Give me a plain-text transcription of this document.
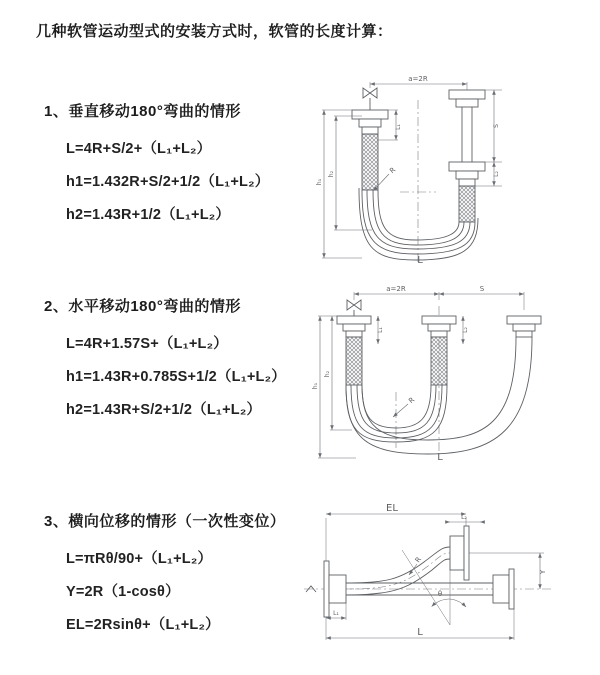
几种软管运动型式的安装方式时，软管的长度计算：
1、垂直移动180°弯曲的情形
L=4R+S/2+（L₁+L₂）
h1=1.432R+S/2+1/2（L₁+L₂）
h2=1.43R+1/2（L₁+L₂）
a=2R
L₁	S
L₂
R
h₁
h₂
L
2、水平移动180°弯曲的情形
L=4R+1.57S+（L₁+L₂）
h1=1.43R+0.785S+1/2（L₁+L₂）
h2=1.43R+S/2+1/2（L₁+L₂）
a=2R	S
L₁	L₂
R
h₁
h₂
L
3、横向位移的情形（一次性变位）
L=πRθ/90+（L₁+L₂）
Y=2R（1-cosθ）
EL=2Rsinθ+（L₁+L₂）
EL
L₂
θ
R
Y
L₁
L
